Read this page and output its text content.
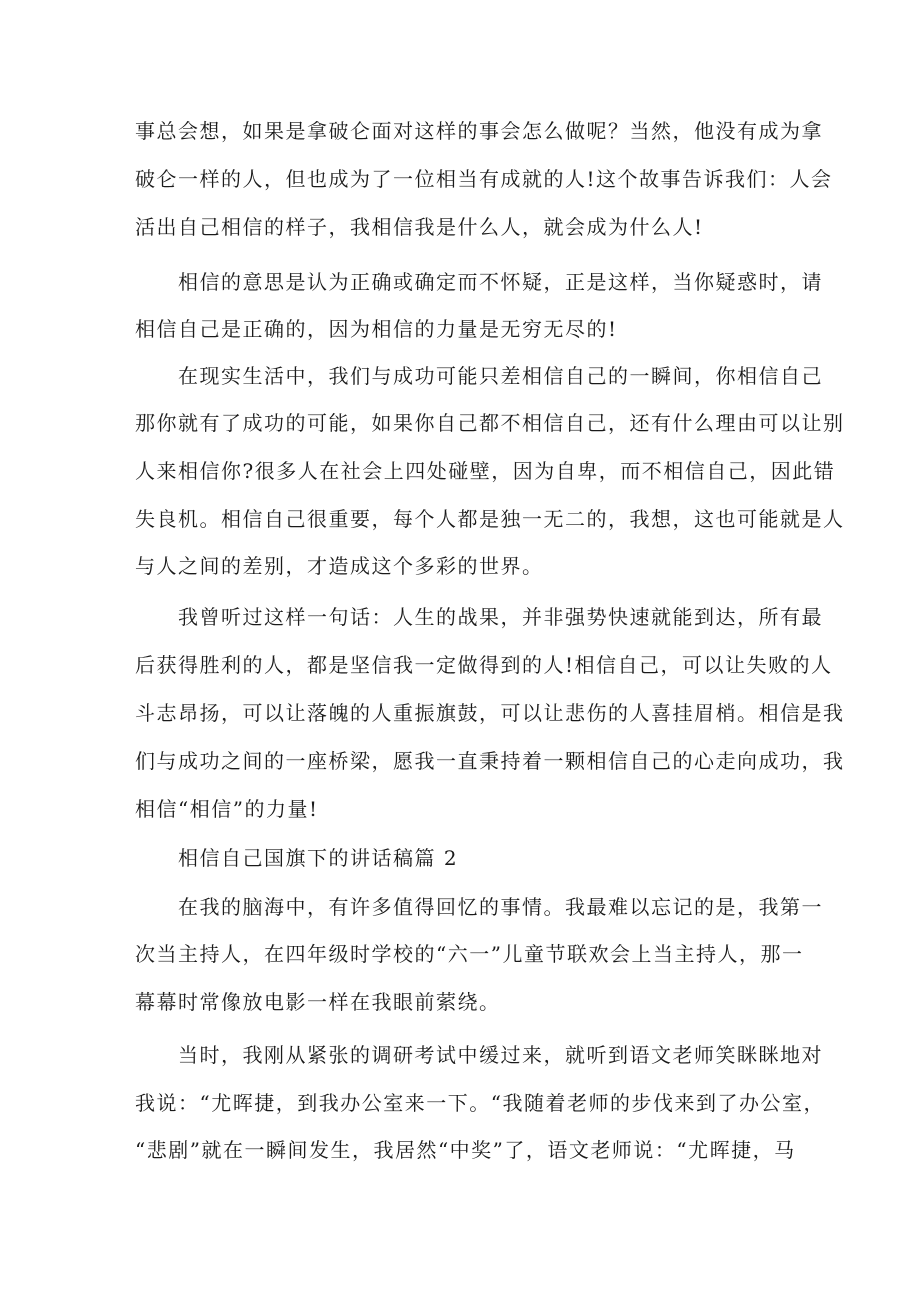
事总会想，如果是拿破仑面对这样的事会怎么做呢？当然，他没有成为拿
破仑一样的人，但也成为了一位相当有成就的人!这个故事告诉我们：人会
活出自己相信的样子，我相信我是什么人，就会成为什么人!
相信的意思是认为正确或确定而不怀疑，正是这样，当你疑惑时，请
相信自己是正确的，因为相信的力量是无穷无尽的!
在现实生活中，我们与成功可能只差相信自己的一瞬间，你相信自己
那你就有了成功的可能，如果你自己都不相信自己，还有什么理由可以让别
人来相信你?很多人在社会上四处碰壁，因为自卑，而不相信自己，因此错
失良机。相信自己很重要，每个人都是独一无二的，我想，这也可能就是人
与人之间的差别，才造成这个多彩的世界。
我曾听过这样一句话：人生的战果，并非强势快速就能到达，所有最
后获得胜利的人，都是坚信我一定做得到的人!相信自己，可以让失败的人
斗志昂扬，可以让落魄的人重振旗鼓，可以让悲伤的人喜挂眉梢。相信是我
们与成功之间的一座桥梁，愿我一直秉持着一颗相信自己的心走向成功，我
相信“相信”的力量!
相信自己国旗下的讲话稿篇 2
在我的脑海中，有许多值得回忆的事情。我最难以忘记的是，我第一
次当主持人，在四年级时学校的“六一”儿童节联欢会上当主持人，那一
幕幕时常像放电影一样在我眼前萦绕。
当时，我刚从紧张的调研考试中缓过来，就听到语文老师笑眯眯地对
我说：“尤晖捷，到我办公室来一下。“我随着老师的步伐来到了办公室，
“悲剧”就在一瞬间发生，我居然“中奖”了，语文老师说：“尤晖捷，马
